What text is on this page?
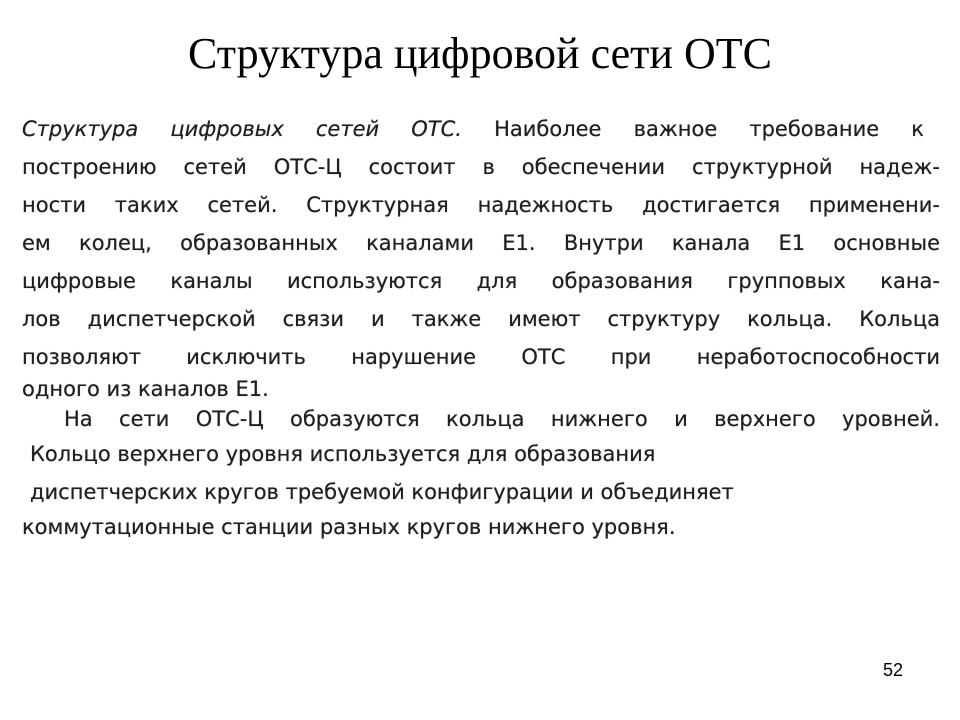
Структура цифровой сети ОТС
Структура цифровых сетей ОТС. Наиболее важное требование к
построению сетей ОТС-Ц состоит в обеспечении структурной надеж-
ности таких сетей. Структурная надежность достигается применени-
ем колец, образованных каналами Е1. Внутри канала Е1 основные
цифровые каналы используются для образования групповых кана-
лов диспетчерской связи и также имеют структуру кольца. Кольца
позволяют исключить нарушение ОТС при неработоспособности
одного из каналов Е1.
На сети ОТС-Ц образуются кольца нижнего и верхнего уровней.
Кольцо верхнего уровня используется для образования
диспетчерских кругов требуемой конфигурации и объединяет
коммутационные станции разных кругов нижнего уровня.
52
